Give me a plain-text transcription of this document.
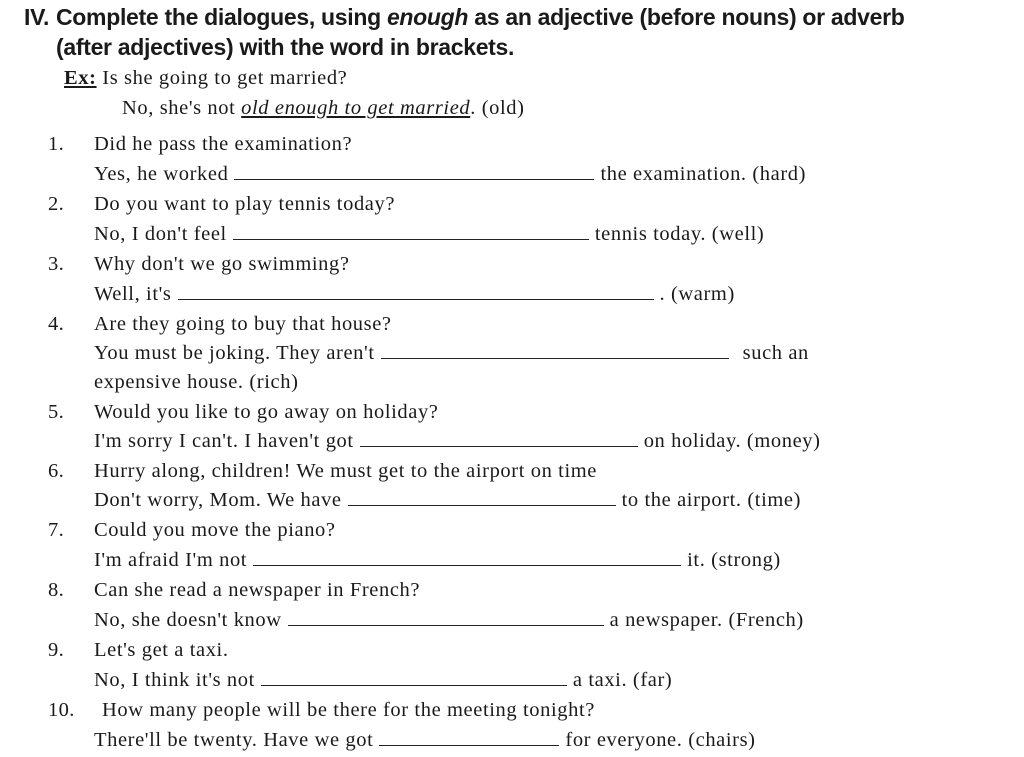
IV. Complete the dialogues, using enough as an adjective (before nouns) or adverb
(after adjectives) with the word in brackets.
Ex: Is she going to get married?
No, she's not old enough to get married. (old)
1. Did he pass the examination?
Yes, he worked	the examination. (hard)
2. Do you want to play tennis today?
No, I don't feel	tennis today. (well)
3. Why don't we go swimming?
Well, it's	. (warm)
4. Are they going to buy that house?
You must be joking. They aren't	such an
expensive house. (rich)
5. Would you like to go away on holiday?
I'm sorry I can't. I haven't got	on holiday. (money)
6. Hurry along, children! We must get to the airport on time
Don't worry, Mom. We have	to the airport. (time)
7. Could you move the piano?
I'm afraid I'm not	it. (strong)
8. Can she read a newspaper in French?
No, she doesn't know	a newspaper. (French)
9. Let's get a taxi.
No, I think it's not	a taxi. (far)
10. How many people will be there for the meeting tonight?
There'll be twenty. Have we got	for everyone. (chairs)
